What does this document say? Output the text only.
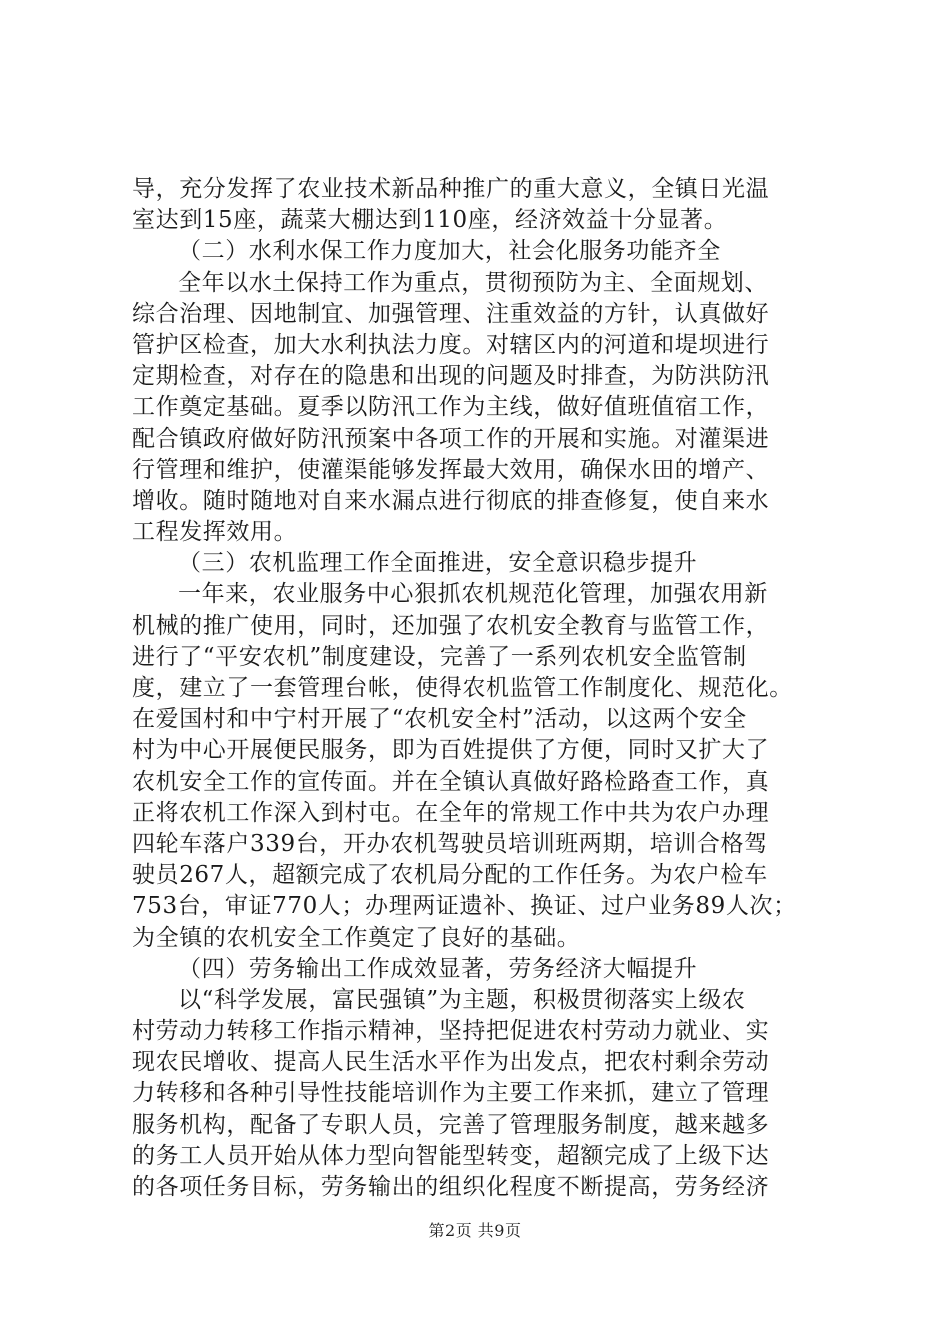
导，充分发挥了农业技术新品种推广的重大意义，全镇日光温
室达到15座，蔬菜大棚达到110座，经济效益十分显著。
（二）水利水保工作力度加大，社会化服务功能齐全
全年以水土保持工作为重点，贯彻预防为主、全面规划、
综合治理、因地制宜、加强管理、注重效益的方针，认真做好
管护区检查，加大水利执法力度。对辖区内的河道和堤坝进行
定期检查，对存在的隐患和出现的问题及时排查，为防洪防汛
工作奠定基础。夏季以防汛工作为主线，做好值班值宿工作，
配合镇政府做好防汛预案中各项工作的开展和实施。对灌渠进
行管理和维护，使灌渠能够发挥最大效用，确保水田的增产、
增收。随时随地对自来水漏点进行彻底的排查修复，使自来水
工程发挥效用。
（三）农机监理工作全面推进，安全意识稳步提升
一年来，农业服务中心狠抓农机规范化管理，加强农用新
机械的推广使用，同时，还加强了农机安全教育与监管工作，
进行了“平安农机”制度建设，完善了一系列农机安全监管制
度，建立了一套管理台帐，使得农机监管工作制度化、规范化。
在爱国村和中宁村开展了“农机安全村”活动，以这两个安全
村为中心开展便民服务，即为百姓提供了方便，同时又扩大了
农机安全工作的宣传面。并在全镇认真做好路检路查工作，真
正将农机工作深入到村屯。在全年的常规工作中共为农户办理
四轮车落户339台，开办农机驾驶员培训班两期，培训合格驾
驶员267人，超额完成了农机局分配的工作任务。为农户检车
753台，审证770人；办理两证遗补、换证、过户业务89人次；
为全镇的农机安全工作奠定了良好的基础。
（四）劳务输出工作成效显著，劳务经济大幅提升
以“科学发展，富民强镇”为主题，积极贯彻落实上级农
村劳动力转移工作指示精神，坚持把促进农村劳动力就业、实
现农民增收、提高人民生活水平作为出发点，把农村剩余劳动
力转移和各种引导性技能培训作为主要工作来抓，建立了管理
服务机构，配备了专职人员，完善了管理服务制度，越来越多
的务工人员开始从体力型向智能型转变，超额完成了上级下达
的各项任务目标，劳务输出的组织化程度不断提高，劳务经济
第2页 共9页
